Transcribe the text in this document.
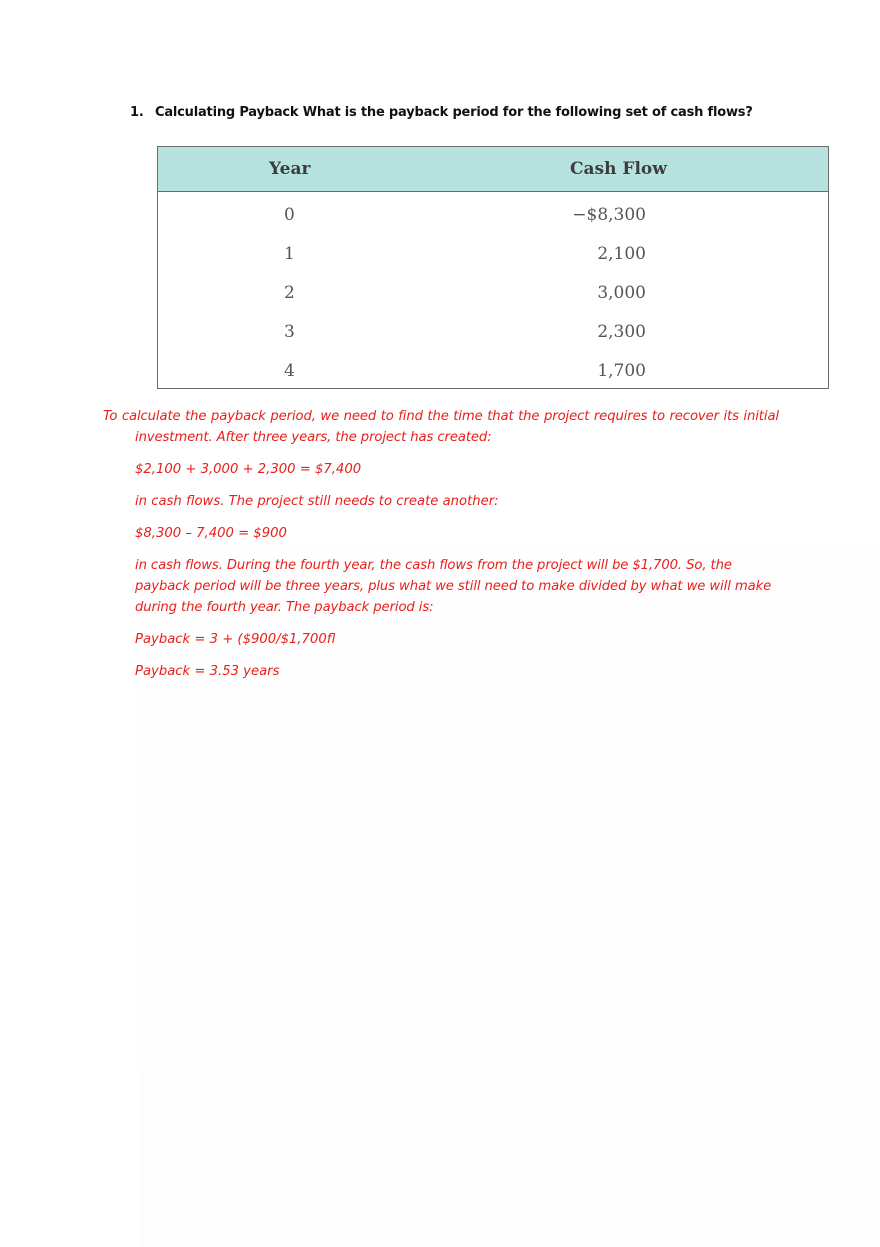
1. Calculating Payback What is the payback period for the following set of cash flows?
Year	Cash Flow
0	−$8,300
1	2,100
2	3,000
3	2,300
4	1,700

To calculate the payback period, we need to find the time that the project requires to recover its initial investment. After three years, the project has created:

$2,100 + 3,000 + 2,300 = $7,400

in cash flows. The project still needs to create another:

$8,300 – 7,400 = $900

in cash flows. During the fourth year, the cash flows from the project will be $1,700. So, the payback period will be three years, plus what we still need to make divided by what we will make during the fourth year. The payback period is:

Payback = 3 + ($900/$1,700fl

Payback = 3.53 years
